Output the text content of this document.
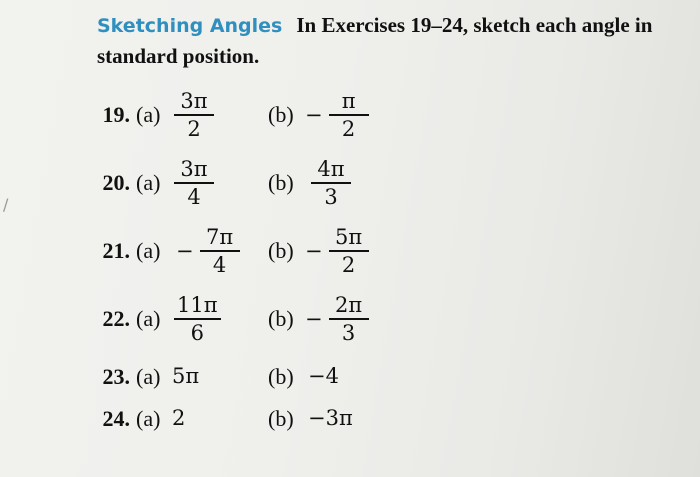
/
Sketching Angles In Exercises 19–24, sketch each angle in standard position.
19. $(a) \frac{3\pi}{2} (b) - \frac{\pi}{2}$
20. $(a) \frac{3\pi}{4} (b) \frac{4\pi}{3}$
21. $(a) - \frac{7\pi}{4} (b) - \frac{5\pi}{2}$
22. $(a) \frac{11\pi}{6} (b) - \frac{2\pi}{3}$
23. (a) 5π	(b) −4
24. (a) 2	(b) −3π
